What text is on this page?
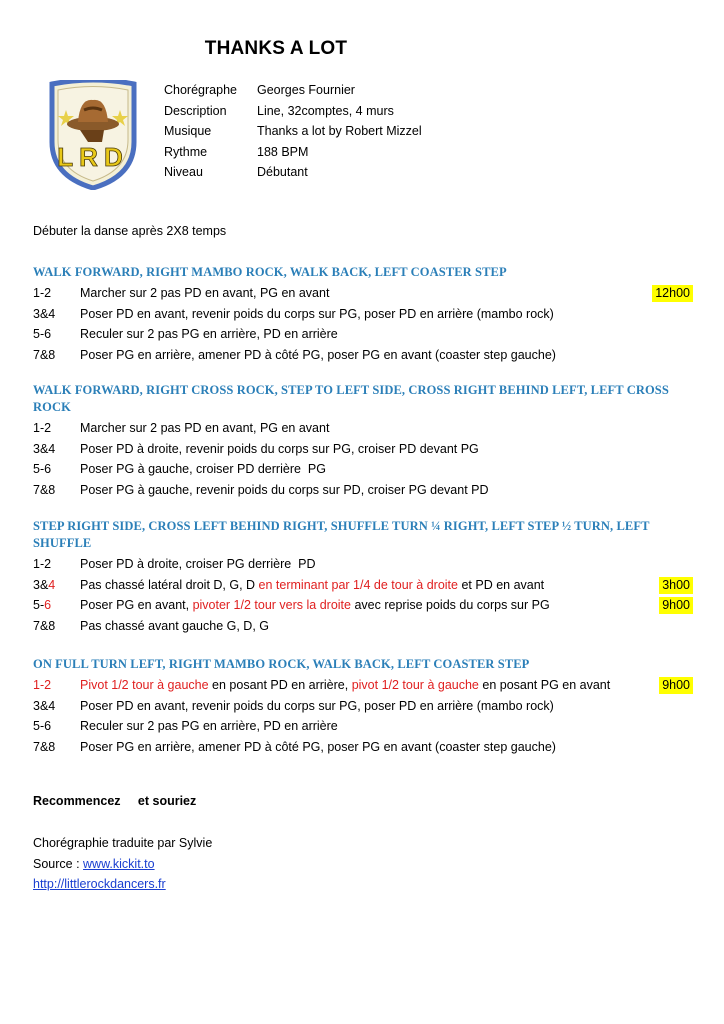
THANKS A LOT
LRD
Chorégraphe	Georges Fournier
Description	Line, 32comptes, 4 murs
Musique	Thanks a lot by Robert Mizzel
Rythme	188 BPM
Niveau	Débutant
Débuter la danse après 2X8 temps
WALK FORWARD, RIGHT MAMBO ROCK, WALK BACK, LEFT COASTER STEP
1-2	Marcher sur 2 pas PD en avant, PG en avant	12h00
3&4	Poser PD en avant, revenir poids du corps sur PG, poser PD en arrière (mambo rock)
5-6	Reculer sur 2 pas PG en arrière, PD en arrière
7&8	Poser PG en arrière, amener PD à côté PG, poser PG en avant (coaster step gauche)
WALK FORWARD, RIGHT CROSS ROCK, STEP TO LEFT SIDE, CROSS RIGHT BEHIND LEFT, LEFT CROSS ROCK
1-2	Marcher sur 2 pas PD en avant, PG en avant
3&4	Poser PD à droite, revenir poids du corps sur PG, croiser PD devant PG
5-6	Poser PG à gauche, croiser PD derrière  PG
7&8	Poser PG à gauche, revenir poids du corps sur PD, croiser PG devant PD
STEP RIGHT SIDE, CROSS LEFT BEHIND RIGHT, SHUFFLE TURN ¼ RIGHT, LEFT STEP ½ TURN, LEFT SHUFFLE
1-2	Poser PD à droite, croiser PG derrière  PD
3&4	Pas chassé latéral droit D, G, D en terminant par 1/4 de tour à droite et PD en avant	3h00
5-6	Poser PG en avant, pivoter 1/2 tour vers la droite avec reprise poids du corps sur PG	9h00
7&8	Pas chassé avant gauche G, D, G
ON FULL TURN LEFT, RIGHT MAMBO ROCK, WALK BACK, LEFT COASTER STEP
1-2	Pivot 1/2 tour à gauche en posant PD en arrière, pivot 1/2 tour à gauche en posant PG en avant	9h00
3&4	Poser PD en avant, revenir poids du corps sur PG, poser PD en arrière (mambo rock)
5-6	Reculer sur 2 pas PG en arrière, PD en arrière
7&8	Poser PG en arrière, amener PD à côté PG, poser PG en avant (coaster step gauche)
Recommencez     et souriez
Chorégraphie traduite par Sylvie
Source : www.kickit.to
http://littlerockdancers.fr
